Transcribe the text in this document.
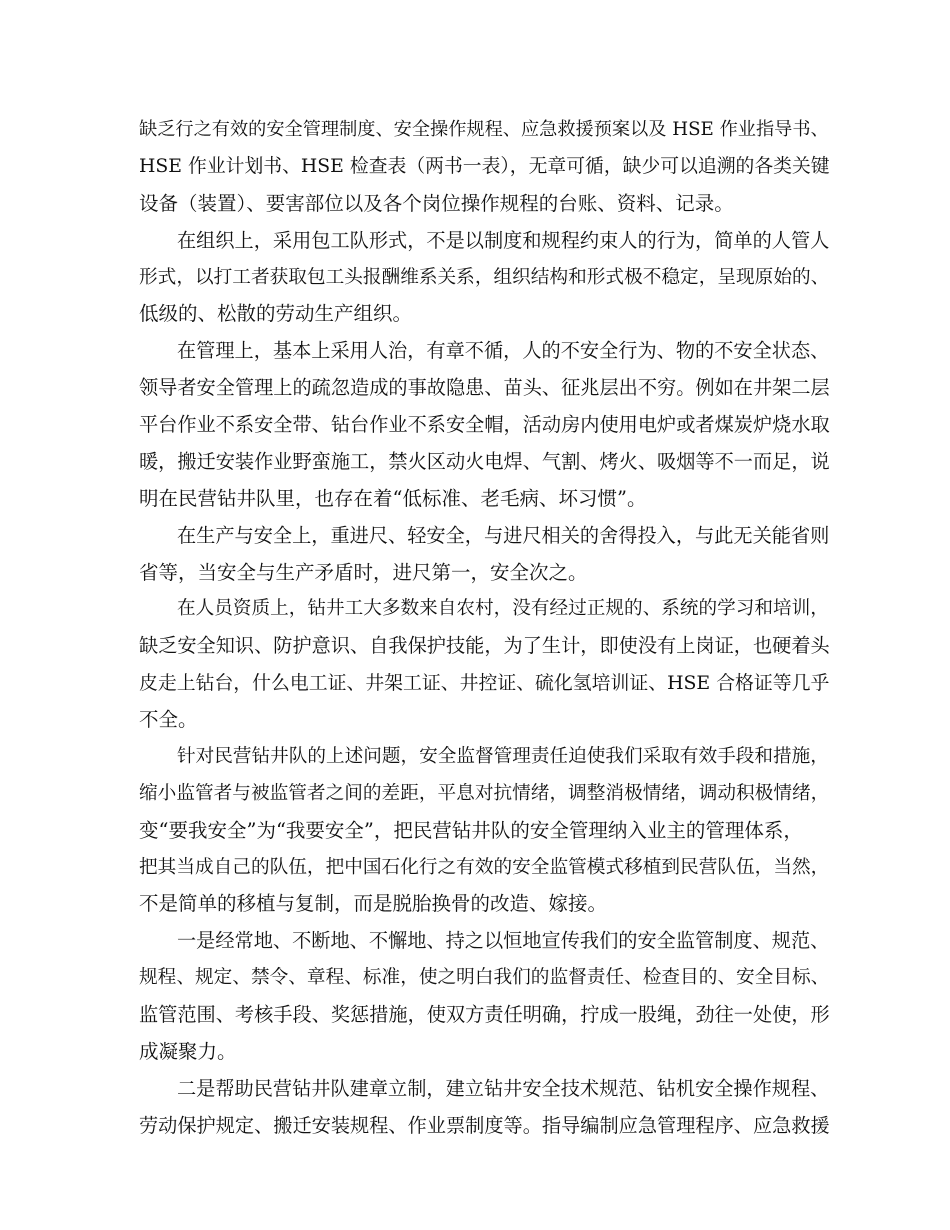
缺乏行之有效的安全管理制度、安全操作规程、应急救援预案以及 HSE 作业指导书、
HSE 作业计划书、HSE 检查表（两书一表），无章可循，缺少可以追溯的各类关键
设备（装置）、要害部位以及各个岗位操作规程的台账、资料、记录。
在组织上，采用包工队形式，不是以制度和规程约束人的行为，简单的人管人
形式，以打工者获取包工头报酬维系关系，组织结构和形式极不稳定，呈现原始的、
低级的、松散的劳动生产组织。
在管理上，基本上采用人治，有章不循，人的不安全行为、物的不安全状态、
领导者安全管理上的疏忽造成的事故隐患、苗头、征兆层出不穷。例如在井架二层
平台作业不系安全带、钻台作业不系安全帽，活动房内使用电炉或者煤炭炉烧水取
暖，搬迁安装作业野蛮施工，禁火区动火电焊、气割、烤火、吸烟等不一而足，说
明在民营钻井队里，也存在着“低标准、老毛病、坏习惯”。
在生产与安全上，重进尺、轻安全，与进尺相关的舍得投入，与此无关能省则
省等，当安全与生产矛盾时，进尺第一，安全次之。
在人员资质上，钻井工大多数来自农村，没有经过正规的、系统的学习和培训，
缺乏安全知识、防护意识、自我保护技能，为了生计，即使没有上岗证，也硬着头
皮走上钻台，什么电工证、井架工证、井控证、硫化氢培训证、HSE 合格证等几乎
不全。
针对民营钻井队的上述问题，安全监督管理责任迫使我们采取有效手段和措施，
缩小监管者与被监管者之间的差距，平息对抗情绪，调整消极情绪，调动积极情绪，
变“要我安全”为“我要安全”，把民营钻井队的安全管理纳入业主的管理体系，
把其当成自己的队伍，把中国石化行之有效的安全监管模式移植到民营队伍，当然，
不是简单的移植与复制，而是脱胎换骨的改造、嫁接。
一是经常地、不断地、不懈地、持之以恒地宣传我们的安全监管制度、规范、
规程、规定、禁令、章程、标准，使之明白我们的监督责任、检查目的、安全目标、
监管范围、考核手段、奖惩措施，使双方责任明确，拧成一股绳，劲往一处使，形
成凝聚力。
二是帮助民营钻井队建章立制，建立钻井安全技术规范、钻机安全操作规程、
劳动保护规定、搬迁安装规程、作业票制度等。指导编制应急管理程序、应急救援
